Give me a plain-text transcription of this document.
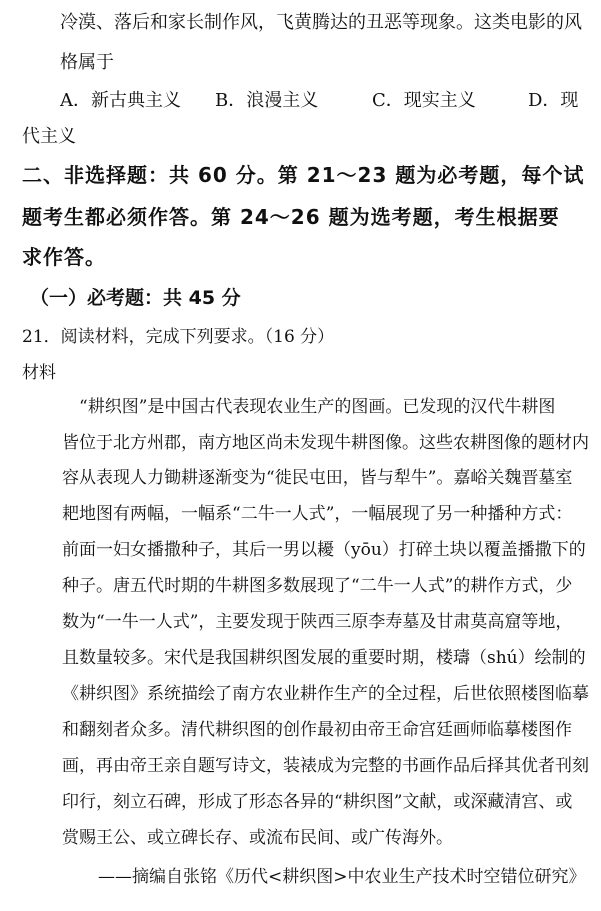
冷漠、落后和家长制作风，飞黄腾达的丑恶等现象。这类电影的风
格属于
A．新古典主义 B．浪漫主义	C．现实主义	D．现
代主义
二、非选择题：共 60 分。第 21～23 题为必考题，每个试
题考生都必须作答。第 24～26 题为选考题，考生根据要
求作答。
（一）必考题：共 45 分
21．阅读材料，完成下列要求。（16 分）
材料
　“耕织图”是中国古代表现农业生产的图画。已发现的汉代牛耕图
皆位于北方州郡，南方地区尚未发现牛耕图像。这些农耕图像的题材内
容从表现人力锄耕逐渐变为“徙民屯田，皆与犁牛”。嘉峪关魏晋墓室
耙地图有两幅，一幅系“二牛一人式”，一幅展现了另一种播种方式：
前面一妇女播撒种子，其后一男以耰（yōu）打碎土块以覆盖播撒下的
种子。唐五代时期的牛耕图多数展现了“二牛一人式”的耕作方式，少
数为“一牛一人式”，主要发现于陕西三原李寿墓及甘肃莫高窟等地，
且数量较多。宋代是我国耕织图发展的重要时期，楼璹（shú）绘制的
《耕织图》系统描绘了南方农业耕作生产的全过程，后世依照楼图临摹
和翻刻者众多。清代耕织图的创作最初由帝王命宫廷画师临摹楼图作
画，再由帝王亲自题写诗文，装裱成为完整的书画作品后择其优者刊刻
印行，刻立石碑，形成了形态各异的“耕织图”文献，或深藏清宫、或
赏赐王公、或立碑长存、或流布民间、或广传海外。
——摘编自张铭《历代<耕织图>中农业生产技术时空错位研究》
